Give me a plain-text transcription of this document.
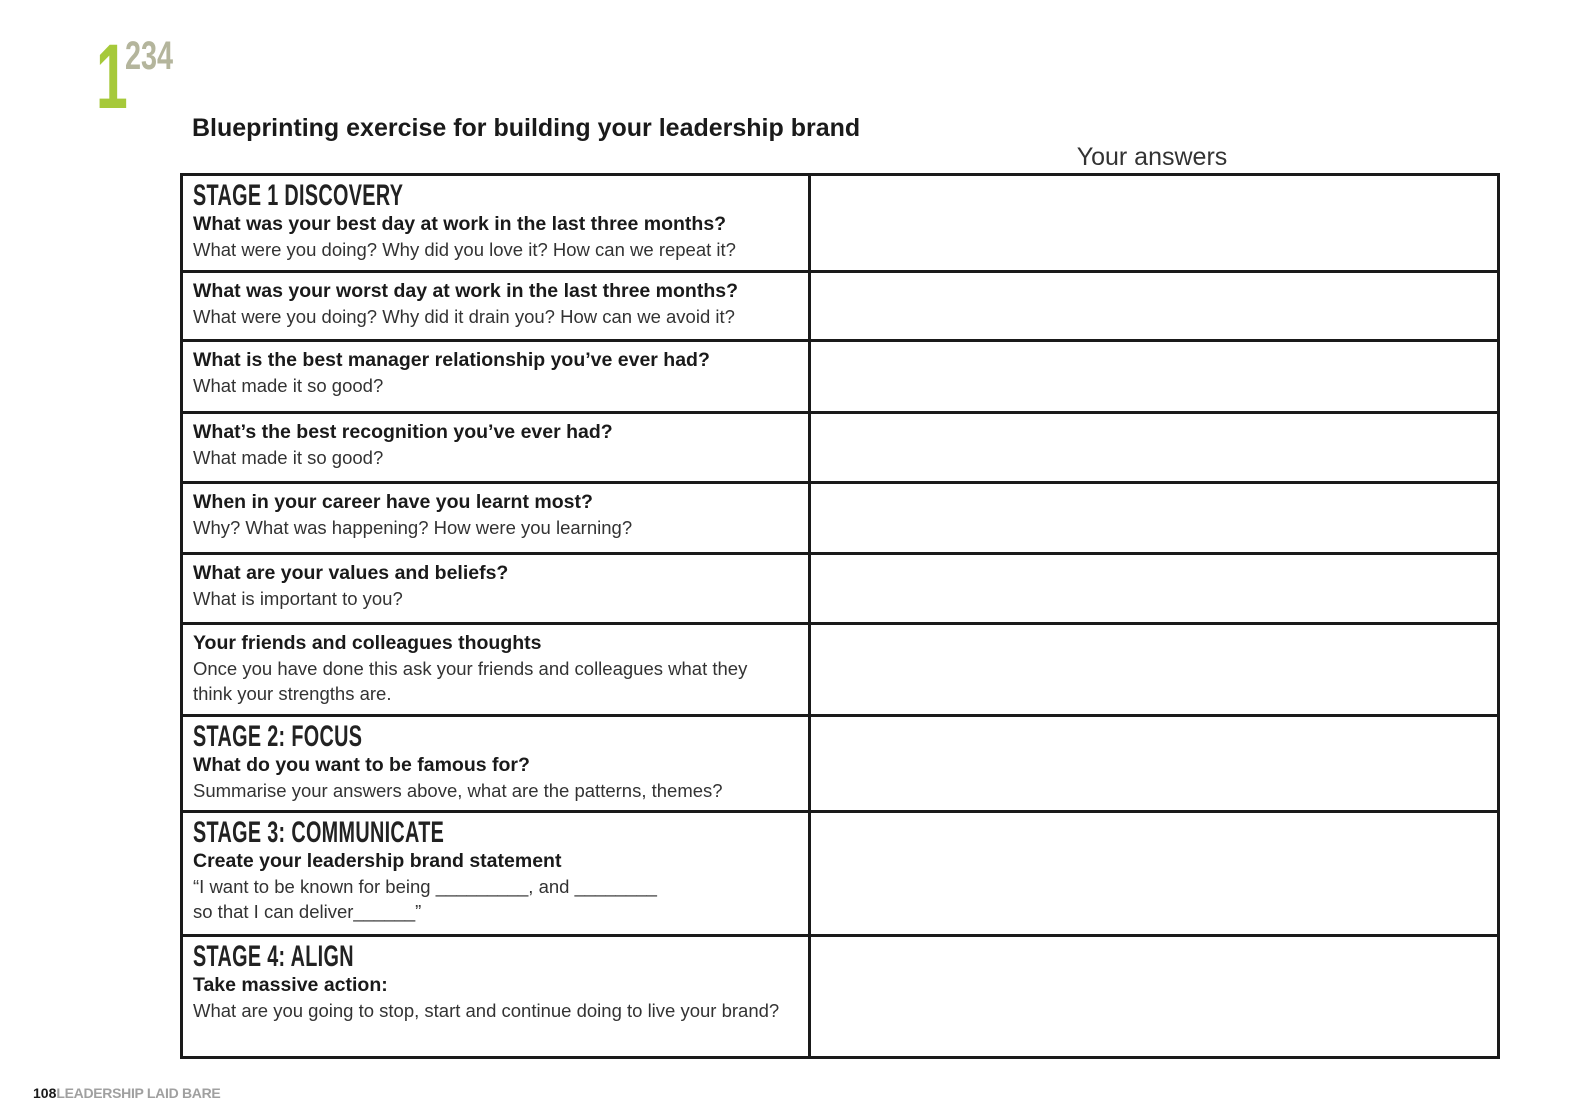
1 234
Blueprinting exercise for building your leadership brand
Your answers
STAGE 1 DISCOVERY
What was your best day at work in the last three months?
What were you doing? Why did you love it? How can we repeat it?	

What was your worst day at work in the last three months?
What were you doing? Why did it drain you? How can we avoid it?	

What is the best manager relationship you’ve ever had?
What made it so good?	

What’s the best recognition you’ve ever had?
What made it so good?	

When in your career have you learnt most?
Why? What was happening? How were you learning?	

What are your values and beliefs?
What is important to you?	

Your friends and colleagues thoughts
Once you have done this ask your friends and colleagues what they think your strengths are.	

STAGE 2: FOCUS
What do you want to be famous for?
Summarise your answers above, what are the patterns, themes?	

STAGE 3: COMMUNICATE
Create your leadership brand statement
“I want to be known for being _________, and ________ so that I can deliver______”	

STAGE 4: ALIGN
Take massive action:
What are you going to stop, start and continue doing to live your brand?	

108LEADERSHIP LAID BARE
